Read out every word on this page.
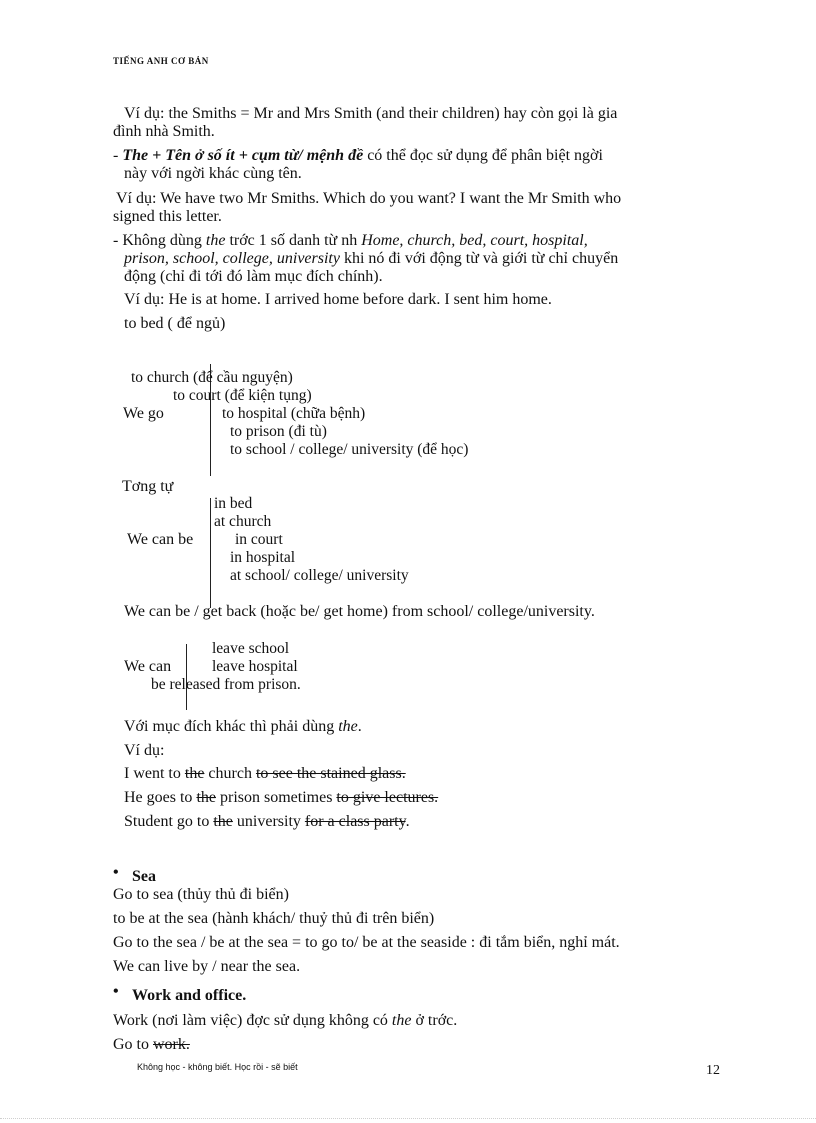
TIẾNG ANH CƠ BẢN
Ví dụ: the Smiths = Mr and Mrs Smith (and their children) hay còn gọi là gia
đình nhà Smith.
- The + Tên ở số ít + cụm từ/ mệnh đề có thể đọc sử dụng để phân biệt ngời
này với ngời khác cùng tên.
Ví dụ: We have two Mr Smiths. Which do you want? I want the Mr Smith who
signed this letter.
- Không dùng the trớc 1 số danh từ nh Home, church, bed, court, hospital,
prison, school, college, university khi nó đi với động từ và giới từ chỉ chuyển
động (chỉ đi tới đó làm mục đích chính).
Ví dụ: He is at home. I arrived home before dark. I sent him home.
to bed ( để ngủ)
to church (để cầu nguyện)
to court (để kiện tụng)
We go	to hospital (chữa bệnh)
to prison (đi tù)
to school / college/ university (để học)
Tơng tự
in bed
at church
We can be	in court
in hospital
at school/ college/ university
We can be / get back (hoặc be/ get home) from school/ college/university.
leave school
We can	leave hospital
be released from prison.
Với mục đích khác thì phải dùng the.
Ví dụ:
I went to the church to see the stained glass.
He goes to the prison sometimes to give lectures.
Student go to the university for a class party.
• Sea
Go to sea (thủy thủ đi biển)
to be at the sea (hành khách/ thuỷ thủ đi trên biển)
Go to the sea / be at the sea = to go to/ be at the seaside : đi tắm biển, nghỉ mát.
We can live by / near the sea.
• Work and office.
Work (nơi làm việc) đợc sử dụng không có the ở trớc.
Go to work.
Không học - không biết. Học rồi - sẽ biết	12
